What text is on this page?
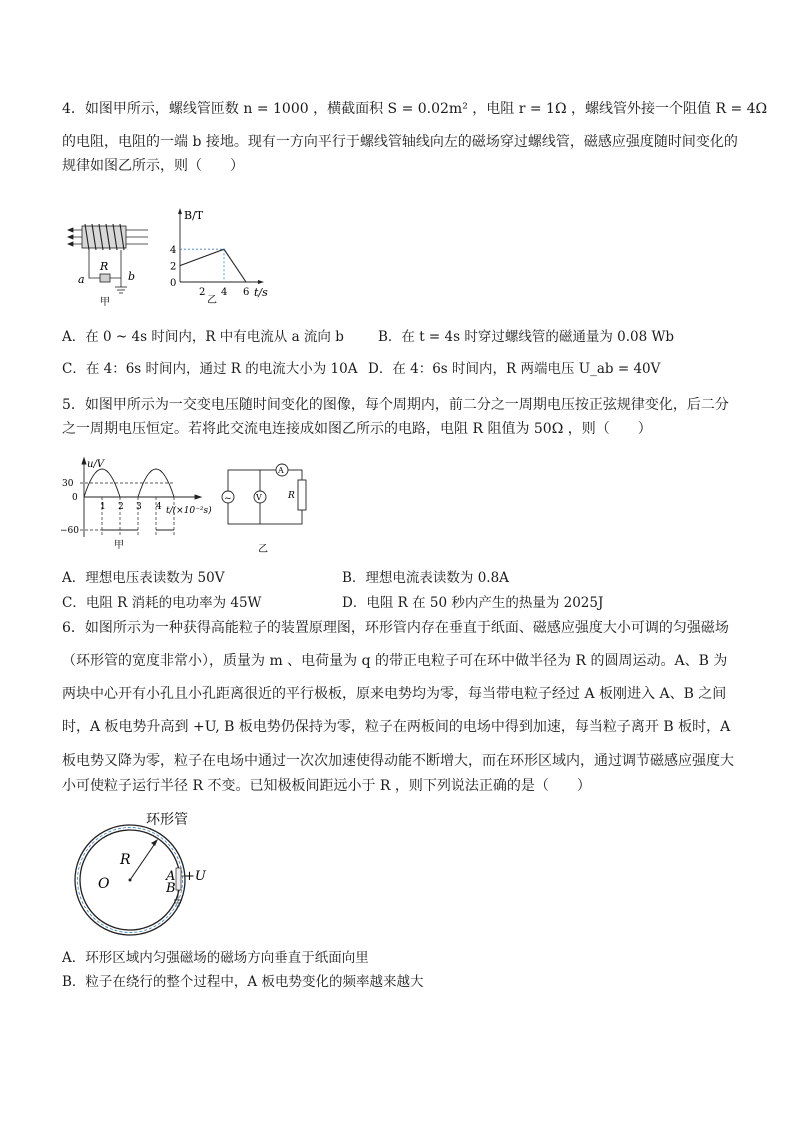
4．如图甲所示，螺线管匝数 n = 1000 ，横截面积 S = 0.02m² ，电阻 r = 1Ω ，螺线管外接一个阻值 R = 4Ω
的电阻，电阻的一端 b 接地。现有一方向平行于螺线管轴线向左的磁场穿过螺线管，磁感应强度随时间变化的
规律如图乙所示，则（　　）
R
a	b
甲
B/T
t/s
0
2
4
2 4 6
乙
A．在 0 ~ 4s 时间内，R 中有电流从 a 流向 b	B．在 t = 4s 时穿过螺线管的磁通量为 0.08 Wb
C．在 4：6s 时间内，通过 R 的电流大小为 10A D．在 4：6s 时间内，R 两端电压 U_ab = 40V
5．如图甲所示为一交变电压随时间变化的图像，每个周期内，前二分之一周期电压按正弦规律变化，后二分
之一周期电压恒定。若将此交流电连接成如图乙所示的电路，电阻 R 阻值为 50Ω ，则（　　）
u/V
30
0
−60
1 2 3 4 t/(×10⁻²s)
甲
~	V
A
R
乙
A．理想电压表读数为 50V	B．理想电流表读数为 0.8A
C．电阻 R 消耗的电功率为 45W	D．电阻 R 在 50 秒内产生的热量为 2025J
6．如图所示为一种获得高能粒子的装置原理图，环形管内存在垂直于纸面、磁感应强度大小可调的匀强磁场
（环形管的宽度非常小），质量为 m 、电荷量为 q 的带正电粒子可在环中做半径为 R 的圆周运动。A、B 为
两块中心开有小孔且小孔距离很近的平行极板，原来电势均为零，每当带电粒子经过 A 板刚进入 A、B 之间
时，A 板电势升高到 +U, B 板电势仍保持为零，粒子在两板间的电场中得到加速，每当粒子离开 B 板时，A
板电势又降为零，粒子在电场中通过一次次加速使得动能不断增大，而在环形区域内，通过调节磁感应强度大
小可使粒子运行半径 R 不变。已知极板间距远小于 R ，则下列说法正确的是（　　）
环形管
R
O	A
B
+U
A．环形区域内匀强磁场的磁场方向垂直于纸面向里
B．粒子在绕行的整个过程中，A 板电势变化的频率越来越大
